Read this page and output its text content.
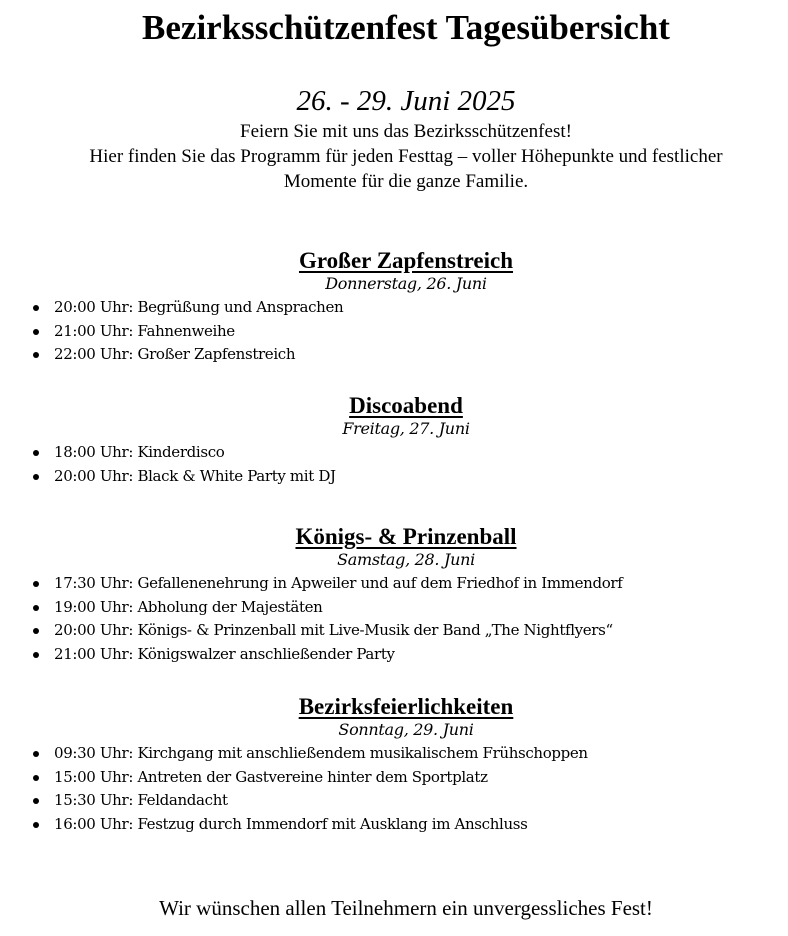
Bezirksschützenfest Tagesübersicht
26. - 29. Juni 2025
Feiern Sie mit uns das Bezirksschützenfest!
Hier finden Sie das Programm für jeden Festtag – voller Höhepunkte und festlicher
Momente für die ganze Familie.
Großer Zapfenstreich
Donnerstag, 26. Juni
20:00 Uhr: Begrüßung und Ansprachen
21:00 Uhr: Fahnenweihe
22:00 Uhr: Großer Zapfenstreich
Discoabend
Freitag, 27. Juni
18:00 Uhr: Kinderdisco
20:00 Uhr: Black & White Party mit DJ
Königs- & Prinzenball
Samstag, 28. Juni
17:30 Uhr: Gefallenenehrung in Apweiler und auf dem Friedhof in Immendorf
19:00 Uhr: Abholung der Majestäten
20:00 Uhr: Königs- & Prinzenball mit Live-Musik der Band „The Nightflyers“
21:00 Uhr: Königswalzer anschließender Party
Bezirksfeierlichkeiten
Sonntag, 29. Juni
09:30 Uhr: Kirchgang mit anschließendem musikalischem Frühschoppen
15:00 Uhr: Antreten der Gastvereine hinter dem Sportplatz
15:30 Uhr: Feldandacht
16:00 Uhr: Festzug durch Immendorf mit Ausklang im Anschluss
Wir wünschen allen Teilnehmern ein unvergessliches Fest!
